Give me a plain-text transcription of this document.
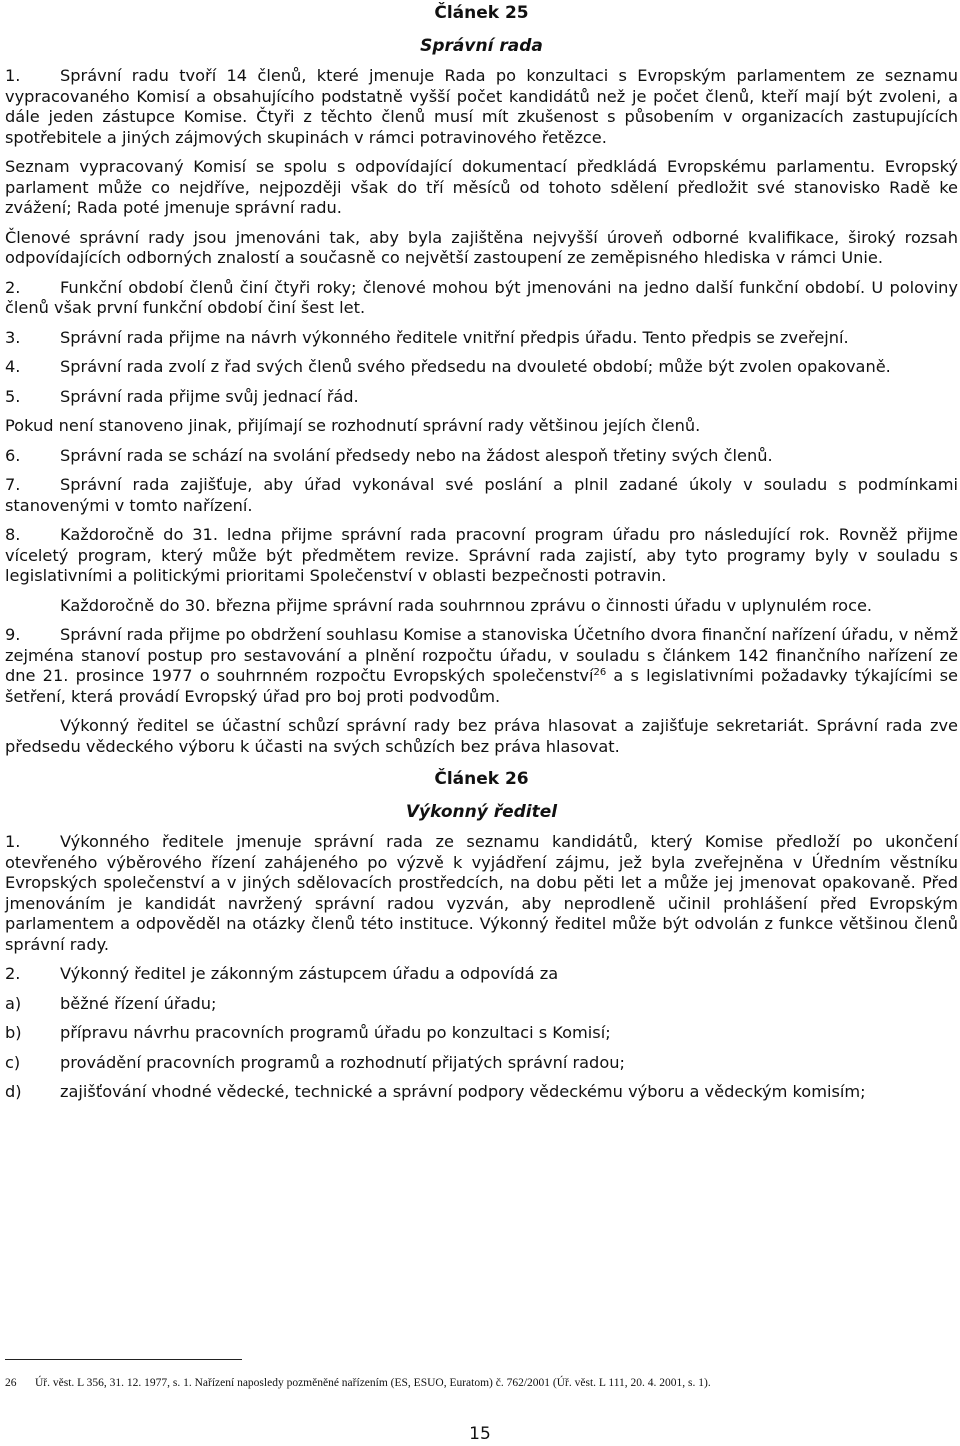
Článek 25
Správní rada

1. Správní radu tvoří 14 členů, které jmenuje Rada po konzultaci s Evropským parlamentem ze seznamu vypracovaného Komisí a obsahujícího podstatně vyšší počet kandidátů než je počet členů, kteří mají být zvoleni, a dále jeden zástupce Komise. Čtyři z těchto členů musí mít zkušenost s působením v organizacích zastupujících spotřebitele a jiných zájmových skupinách v rámci potravinového řetězce.

Seznam vypracovaný Komisí se spolu s odpovídající dokumentací předkládá Evropskému parlamentu. Evropský parlament může co nejdříve, nejpozději však do tří měsíců od tohoto sdělení předložit své stanovisko Radě ke zvážení; Rada poté jmenuje správní radu.

Členové správní rady jsou jmenováni tak, aby byla zajištěna nejvyšší úroveň odborné kvalifikace, široký rozsah odpovídajících odborných znalostí a současně co největší zastoupení ze zeměpisného hlediska v rámci Unie.

2. Funkční období členů činí čtyři roky; členové mohou být jmenováni na jedno další funkční období. U poloviny členů však první funkční období činí šest let.

3. Správní rada přijme na návrh výkonného ředitele vnitřní předpis úřadu. Tento předpis se zveřejní.

4. Správní rada zvolí z řad svých členů svého předsedu na dvouleté období; může být zvolen opakovaně.

5. Správní rada přijme svůj jednací řád.

Pokud není stanoveno jinak, přijímají se rozhodnutí správní rady většinou jejích členů.

6. Správní rada se schází na svolání předsedy nebo na žádost alespoň třetiny svých členů.

7. Správní rada zajišťuje, aby úřad vykonával své poslání a plnil zadané úkoly v souladu s podmínkami stanovenými v tomto nařízení.

8. Každoročně do 31. ledna přijme správní rada pracovní program úřadu pro následující rok. Rovněž přijme víceletý program, který může být předmětem revize. Správní rada zajistí, aby tyto programy byly v souladu s legislativními a politickými prioritami Společenství v oblasti bezpečnosti potravin.

Každoročně do 30. března přijme správní rada souhrnnou zprávu o činnosti úřadu v uplynulém roce.

9. Správní rada přijme po obdržení souhlasu Komise a stanoviska Účetního dvora finanční nařízení úřadu, v němž zejména stanoví postup pro sestavování a plnění rozpočtu úřadu, v souladu s článkem 142 finančního nařízení ze dne 21. prosince 1977 o souhrnném rozpočtu Evropských společenství$^{26}$ a s legislativními požadavky týkajícími se šetření, která provádí Evropský úřad pro boj proti podvodům.

Výkonný ředitel se účastní schůzí správní rady bez práva hlasovat a zajišťuje sekretariát. Správní rada zve předsedu vědeckého výboru k účasti na svých schůzích bez práva hlasovat.

Článek 26
Výkonný ředitel

1. Výkonného ředitele jmenuje správní rada ze seznamu kandidátů, který Komise předloží po ukončení otevřeného výběrového řízení zahájeného po výzvě k vyjádření zájmu, jež byla zveřejněna v Úředním věstníku Evropských společenství a v jiných sdělovacích prostředcích, na dobu pěti let a může jej jmenovat opakovaně. Před jmenováním je kandidát navržený správní radou vyzván, aby neprodleně učinil prohlášení před Evropským parlamentem a odpověděl na otázky členů této instituce. Výkonný ředitel může být odvolán z funkce většinou členů správní rady.

2. Výkonný ředitel je zákonným zástupcem úřadu a odpovídá za

a)	běžné řízení úřadu;

b)	přípravu návrhu pracovních programů úřadu po konzultaci s Komisí;

c)	provádění pracovních programů a rozhodnutí přijatých správní radou;

d)	zajišťování vhodné vědecké, technické a správní podpory vědeckému výboru a vědeckým komisím;

26 Úř. věst. L 356, 31. 12. 1977, s. 1. Nařízení naposledy pozměněné nařízením (ES, ESUO, Euratom) č. 762/2001 (Úř. věst. L 111, 20. 4. 2001, s. 1).
15
